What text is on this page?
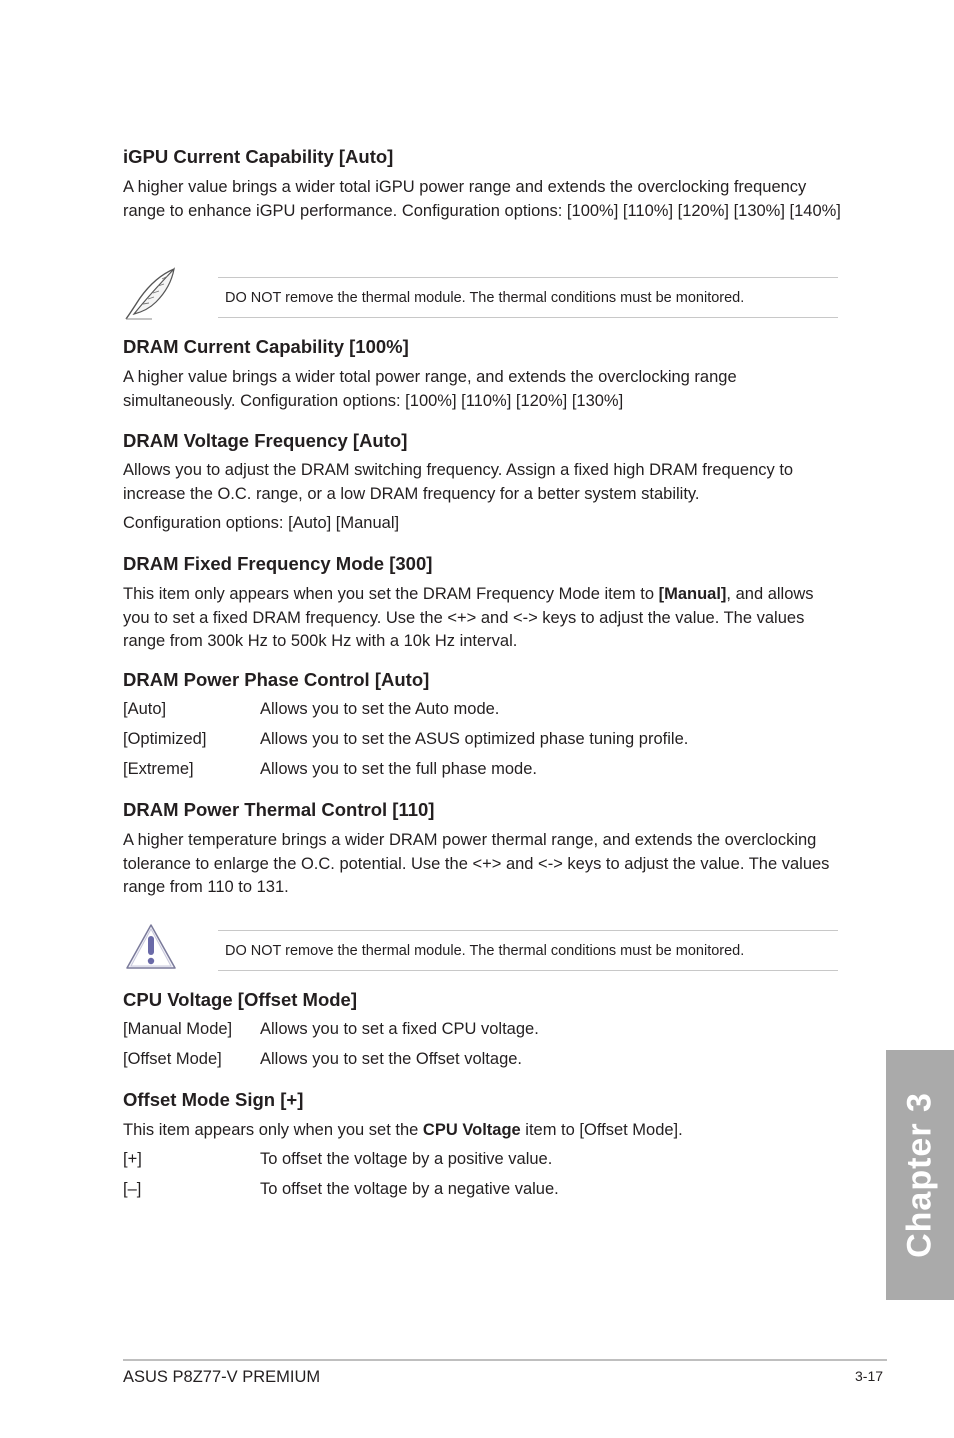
iGPU Current Capability [Auto]
A higher value brings a wider total iGPU power range and extends the overclocking frequency range to enhance iGPU performance. Configuration options: [100%] [110%] [120%] [130%] [140%]
DO NOT remove the thermal module. The thermal conditions must be monitored.
DRAM Current Capability [100%]
A higher value brings a wider total power range, and extends the overclocking range simultaneously. Configuration options: [100%] [110%] [120%] [130%]
DRAM Voltage Frequency [Auto]
Allows you to adjust the DRAM switching frequency. Assign a fixed high DRAM frequency to increase the O.C. range, or a low DRAM frequency for a better system stability.
Configuration options: [Auto] [Manual]
DRAM Fixed Frequency Mode [300]
This item only appears when you set the DRAM Frequency Mode item to [Manual], and allows you to set a fixed DRAM frequency. Use the <+> and <-> keys to adjust the value. The values range from 300k Hz to 500k Hz with a 10k Hz interval.
DRAM Power Phase Control [Auto]
[Auto]	Allows you to set the Auto mode.
[Optimized]	Allows you to set the ASUS optimized phase tuning profile.
[Extreme]	Allows you to set the full phase mode.
DRAM Power Thermal Control [110]
A higher temperature brings a wider DRAM power thermal range, and extends the overclocking tolerance to enlarge the O.C. potential. Use the <+> and <-> keys to adjust the value. The values range from 110 to 131.
DO NOT remove the thermal module. The thermal conditions must be monitored.
CPU Voltage [Offset Mode]
[Manual Mode] Allows you to set a fixed CPU voltage.
[Offset Mode] Allows you to set the Offset voltage.
Offset Mode Sign [+]
This item appears only when you set the CPU Voltage item to [Offset Mode].
[+]	To offset the voltage by a positive value.
[–]	To offset the voltage by a negative value.	Chapter 3
ASUS P8Z77-V PREMIUM	3-17
